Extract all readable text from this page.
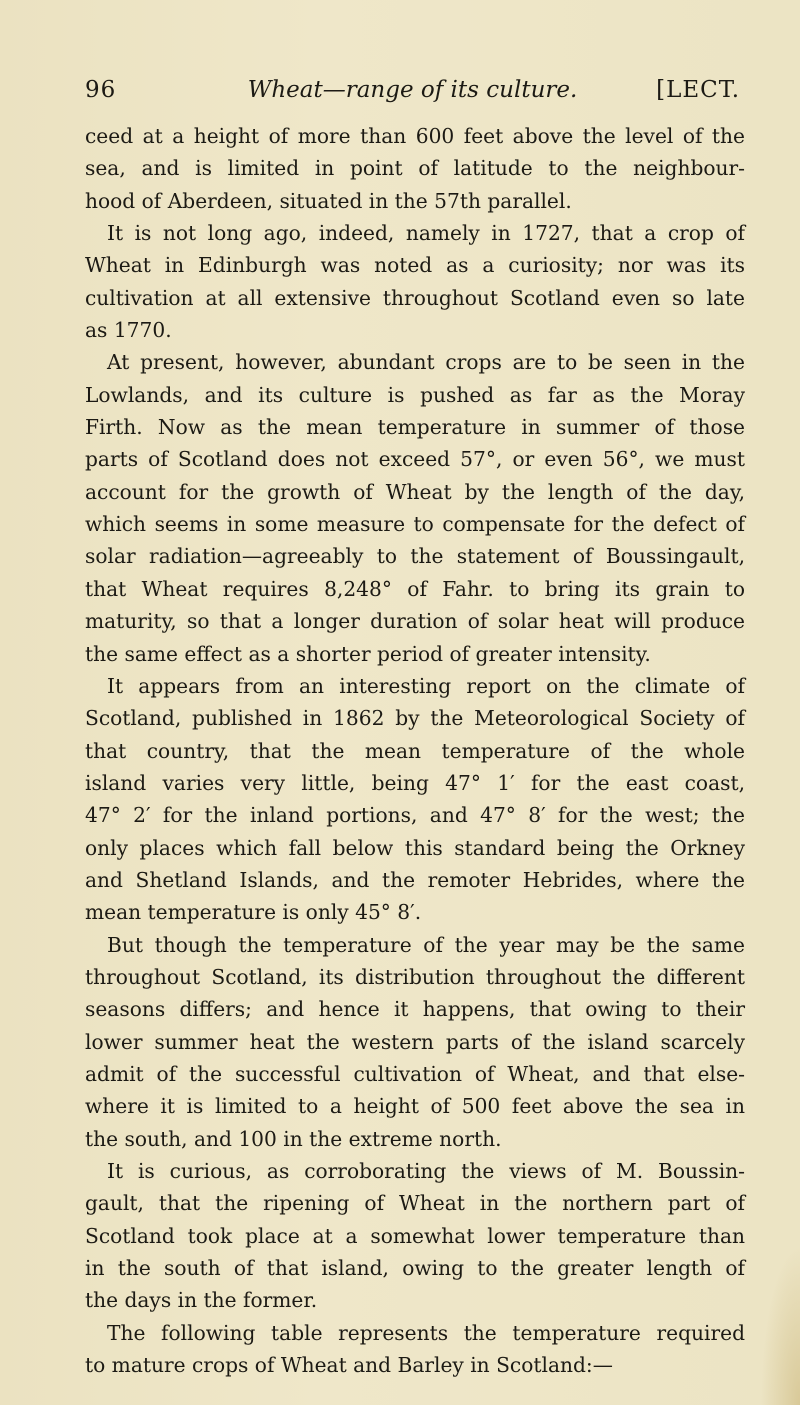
96	Wheat—range of its culture.	[LECT.
ceed at a height of more than 600 feet above the level of the
sea, and is limited in point of latitude to the neighbour-
hood of Aberdeen, situated in the 57th parallel.
It is not long ago, indeed, namely in 1727, that a crop of
Wheat in Edinburgh was noted as a curiosity; nor was its
cultivation at all extensive throughout Scotland even so late
as 1770.
At present, however, abundant crops are to be seen in the
Lowlands, and its culture is pushed as far as the Moray
Firth. Now as the mean temperature in summer of those
parts of Scotland does not exceed 57°, or even 56°, we must
account for the growth of Wheat by the length of the day,
which seems in some measure to compensate for the defect of
solar radiation—agreeably to the statement of Boussingault,
that Wheat requires 8,248° of Fahr. to bring its grain to
maturity, so that a longer duration of solar heat will produce
the same effect as a shorter period of greater intensity.
It appears from an interesting report on the climate of
Scotland, published in 1862 by the Meteorological Society of
that country, that the mean temperature of the whole
island varies very little, being 47° 1′ for the east coast,
47° 2′ for the inland portions, and 47° 8′ for the west; the
only places which fall below this standard being the Orkney
and Shetland Islands, and the remoter Hebrides, where the
mean temperature is only 45° 8′.
But though the temperature of the year may be the same
throughout Scotland, its distribution throughout the different
seasons differs; and hence it happens, that owing to their
lower summer heat the western parts of the island scarcely
admit of the successful cultivation of Wheat, and that else-
where it is limited to a height of 500 feet above the sea in
the south, and 100 in the extreme north.
It is curious, as corroborating the views of M. Boussin-
gault, that the ripening of Wheat in the northern part of
Scotland took place at a somewhat lower temperature than
in the south of that island, owing to the greater length of
the days in the former.
The following table represents the temperature required
to mature crops of Wheat and Barley in Scotland:—
